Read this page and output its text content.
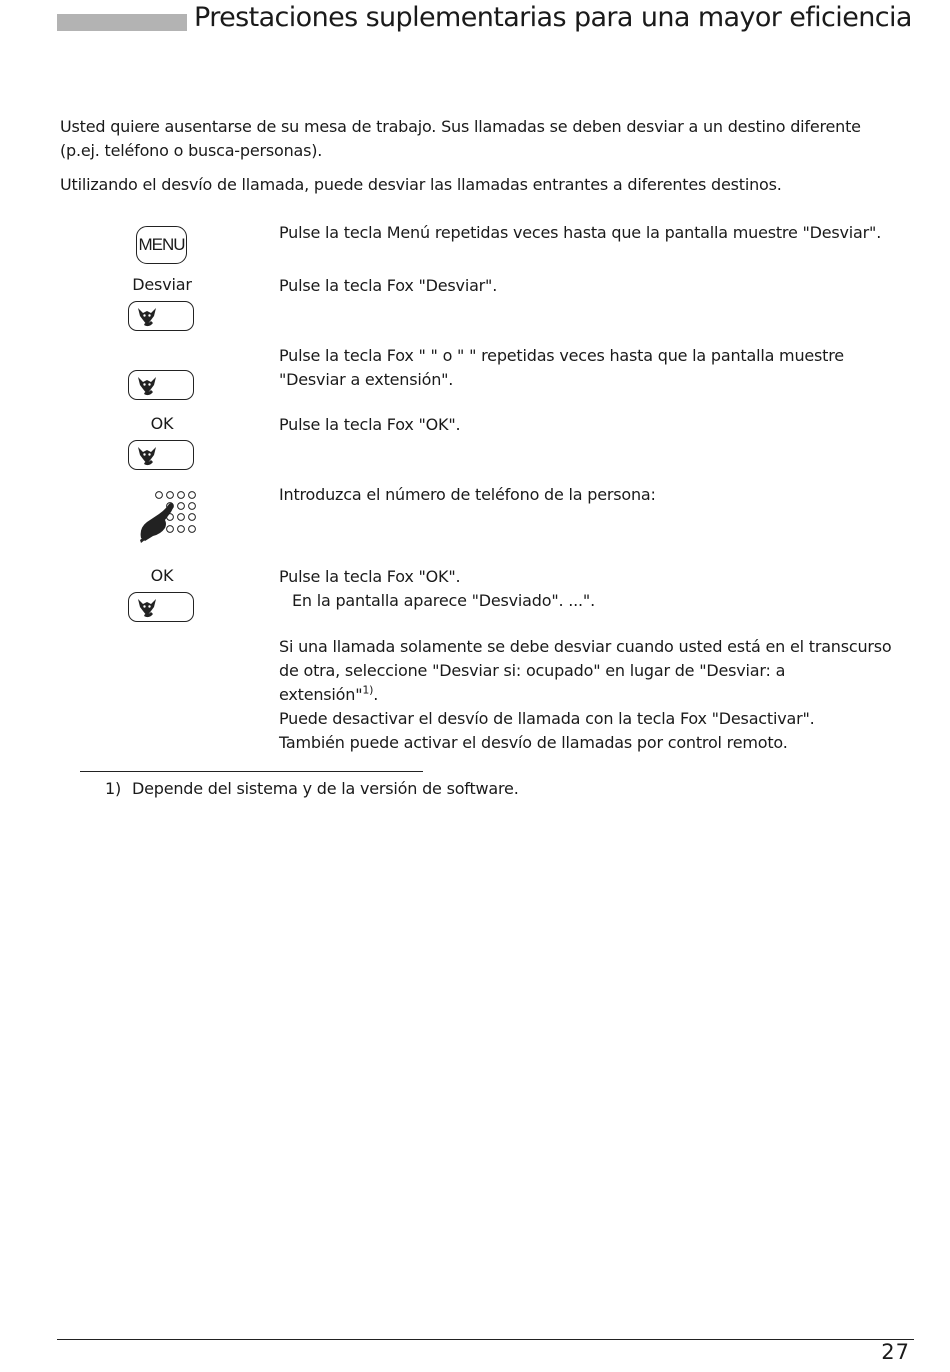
Prestaciones suplementarias para una mayor eficiencia
Usted quiere ausentarse de su mesa de trabajo. Sus llamadas se deben desviar a un destino diferente (p.ej. teléfono o busca-personas).
Utilizando el desvío de llamada, puede desviar las llamadas entrantes a diferentes destinos.
MENU
Pulse la tecla Menú repetidas veces hasta que la pantalla muestre "Desviar".
Desviar	Pulse la tecla Fox "Desviar".
Pulse la tecla Fox " " o " " repetidas veces hasta que la pantalla muestre
"Desviar a extensión".
OK	Pulse la tecla Fox "OK".
Introduzca el número de teléfono de la persona:
OK	Pulse la tecla Fox "OK".
En la pantalla aparece "Desviado". ...".
Si una llamada solamente se debe desviar cuando usted está en el transcurso
de otra, seleccione "Desviar si: ocupado" en lugar de "Desviar: a
extensión"$^{1)}$.
Puede desactivar el desvío de llamada con la tecla Fox "Desactivar".
También puede activar el desvío de llamadas por control remoto.
1) Depende del sistema y de la versión de software.
27
